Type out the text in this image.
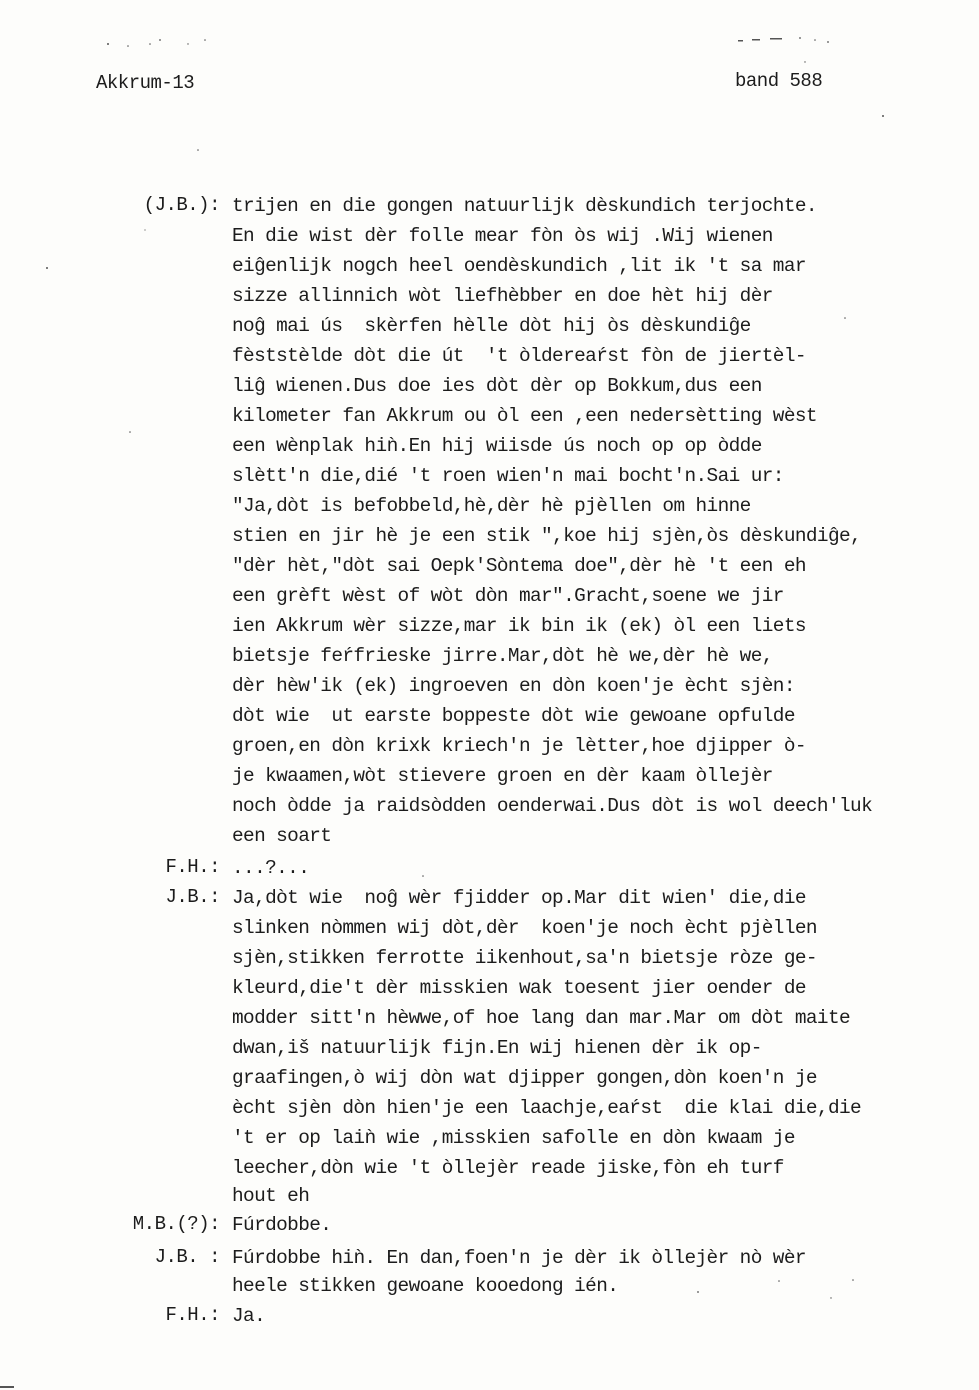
Akkrum-13	band 588
(J.B.): trijen en die gongen natuurlijk dèskundich terjochte.
En die wist dèr folle mear fòn òs wij .Wij wienen
eiĝenlijk nogch heel oendèskundich ,lit ik 't sa mar
sizze allinnich wòt liefhèbber en doe hèt hij dèr
noĝ mai ús  skèrfen hèlle dòt hij òs dèskundiĝe
fèststèlde dòt die út  't òldereaŕst fòn de jiertèl-
liĝ wienen.Dus doe ies dòt dèr op Bokkum,dus een
kilometer fan Akkrum ou òl een ,een nedersètting wèst
een wènplak hiǹ.En hij wiisde ús noch op op òdde
slètt'n die,dié 't roen wien'n mai bocht'n.Sai ur:
"Ja,dòt is befobbeld,hè,dèr hè pjèllen om hinne
stien en jir hè je een stik ",koe hij sjèn,òs dèskundiĝe,
"dèr hèt,"dòt sai Oepk'Sòntema doe",dèr hè 't een eh
een grèft wèst of wòt dòn mar".Gracht,soene we jir
ien Akkrum wèr sizze,mar ik bin ik (ek) òl een liets
bietsje feŕfrieske jirre.Mar,dòt hè we,dèr hè we,
dèr hèw'ik (ek) ingroeven en dòn koen'je ècht sjèn:
dòt wie  ut earste boppeste dòt wie gewoane opfulde
groen,en dòn krixk kriech'n je lètter,hoe djipper ò-
je kwaamen,wòt stievere groen en dèr kaam òllejèr
noch òdde ja raidsòdden oenderwai.Dus dòt is wol deech'luk
een soart
F.H.: ...?...
J.B.: Ja,dòt wie  noĝ wèr fjidder op.Mar dit wien' die,die
slinken nòmmen wij dòt,dèr  koen'je noch ècht pjèllen
sjèn,stikken ferrotte iikenhout,sa'n bietsje ròze ge-
kleurd,die't dèr misskien wak toesent jier oender de
modder sitt'n hèwwe,of hoe lang dan mar.Mar om dòt maite
dwan,iš natuurlijk fijn.En wij hienen dèr ik op-
graafingen,ò wij dòn wat djipper gongen,dòn koen'n je
ècht sjèn dòn hien'je een laachje,eaŕst  die klai die,die
't er op laiǹ wie ,misskien safolle en dòn kwaam je
leecher,dòn wie 't òllejèr reade jiske,fòn eh turf
hout eh
M.B.(?): Fúrdobbe.
J.B. : Fúrdobbe hiǹ. En dan,foen'n je dèr ik òllejèr nò wèr
heele stikken gewoane kooedong ién.
F.H.: Ja.
